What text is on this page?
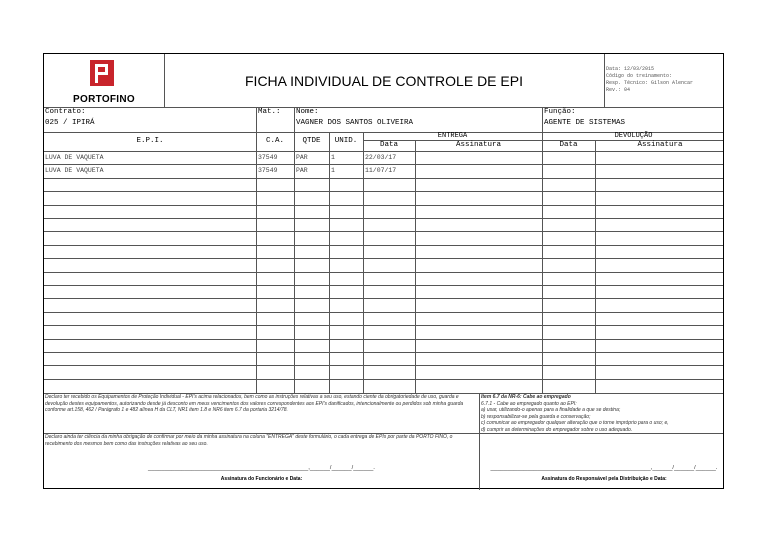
PORTOFINO
FICHA INDIVIDUAL DE CONTROLE DE EPI
Data: 12/03/2015
Código do treinamento:
Resp. Técnico: Gilson Alencar
Rev.: 04
Contrato:
025 / IPIRÁ
Mat.: Nome:
VAGNER DOS SANTOS OLIVEIRA
Função:
AGENTE DE SISTEMAS
E.P.I.	C.A.	QTDE	UNID.
ENTREGA	DEVOLUÇÃO
Data	Assinatura	Data	Assinatura
LUVA DE VAQUETA	37549	PAR	1	22/03/17
LUVA DE VAQUETA	37549	PAR	1	11/07/17
Declaro ter recebido os Equipamentos de Proteção Individual - EPI's acima relacionados, bem como as instruções relativas a seu uso, estando ciente da obrigatoriedade de uso, guarda e devolução destes equipamentos, autorizando desde já desconto em meus vencimentos dos valores correspondentes aos EPI's danificados, intencionalmente ou perdidos sob minha guarda conforme art.158, 462 / Parágrafo 1 e 482 alínea H da CLT, NR1 item 1.8 e NR6 item 6.7 da portaria 3214/78.
Item 6.7 da NR-6: Cabe ao empregado
6.7.1 - Cabe ao empregado quanto ao EPI:
a) usar, utilizando-o apenas para a finalidade a que se destina;
b) responsabilizar-se pela guarda e conservação;
c) comunicar ao empregador qualquer alteração que o torne impróprio para o uso; e,
d) cumprir as determinações do empregador sobre o uso adequado.
Declaro ainda ter ciência da minha obrigação de confirmar por meio da minha assinatura na coluna "ENTREGA" deste formulário, o cada entrega de EPIs por parte da PORTO FINO, o recebimento dos mesmos bem como das instruções relativas ao seu uso.
________________________________________________,______/______/______.
Assinatura do Funcionário e Data:
________________________________________________,______/______/______.
Assinatura do Responsável pela Distribuição e Data:
